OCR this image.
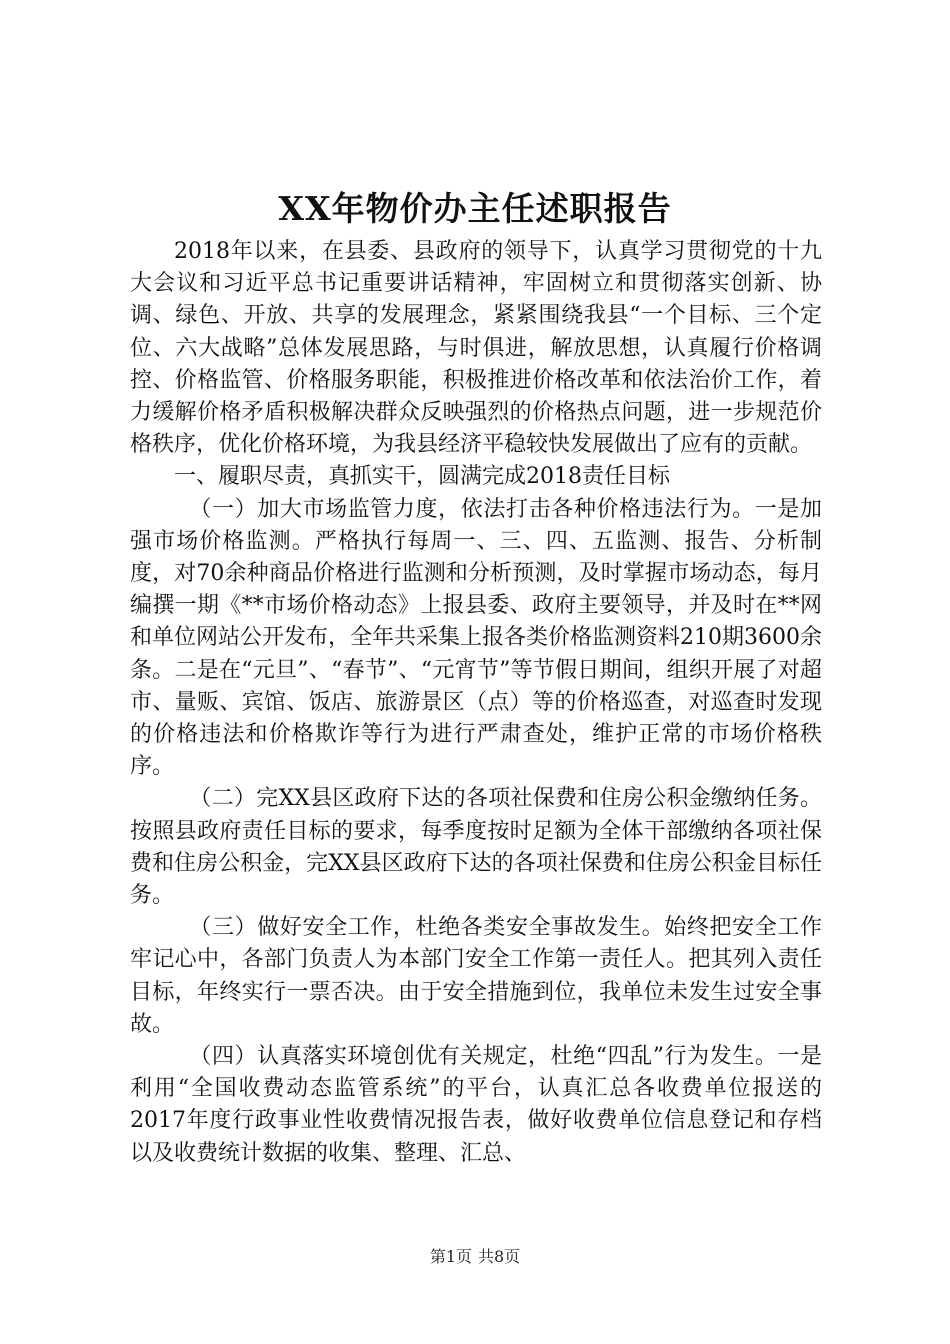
XX年物价办主任述职报告

2018年以来，在县委、县政府的领导下，认真学习贯彻党的十九大会议和习近平总书记重要讲话精神，牢固树立和贯彻落实创新、协调、绿色、开放、共享的发展理念，紧紧围绕我县“一个目标、三个定位、六大战略”总体发展思路，与时俱进，解放思想，认真履行价格调控、价格监管、价格服务职能，积极推进价格改革和依法治价工作，着力缓解价格矛盾积极解决群众反映强烈的价格热点问题，进一步规范价格秩序，优化价格环境，为我县经济平稳较快发展做出了应有的贡献。

一、履职尽责，真抓实干，圆满完成2018责任目标

（一）加大市场监管力度，依法打击各种价格违法行为。一是加强市场价格监测。严格执行每周一、三、四、五监测、报告、分析制度，对70余种商品价格进行监测和分析预测，及时掌握市场动态，每月编撰一期《**市场价格动态》上报县委、政府主要领导，并及时在**网和单位网站公开发布，全年共采集上报各类价格监测资料210期3600余条。二是在“元旦”、“春节”、“元宵节”等节假日期间，组织开展了对超市、量贩、宾馆、饭店、旅游景区（点）等的价格巡查，对巡查时发现的价格违法和价格欺诈等行为进行严肃查处，维护正常的市场价格秩序。

（二）完XX县区政府下达的各项社保费和住房公积金缴纳任务。按照县政府责任目标的要求，每季度按时足额为全体干部缴纳各项社保费和住房公积金，完XX县区政府下达的各项社保费和住房公积金目标任务。

（三）做好安全工作，杜绝各类安全事故发生。始终把安全工作牢记心中，各部门负责人为本部门安全工作第一责任人。把其列入责任目标，年终实行一票否决。由于安全措施到位，我单位未发生过安全事故。

（四）认真落实环境创优有关规定，杜绝“四乱”行为发生。一是利用“全国收费动态监管系统”的平台，认真汇总各收费单位报送的2017年度行政事业性收费情况报告表，做好收费单位信息登记和存档以及收费统计数据的收集、整理、汇总、

第1页 共8页
